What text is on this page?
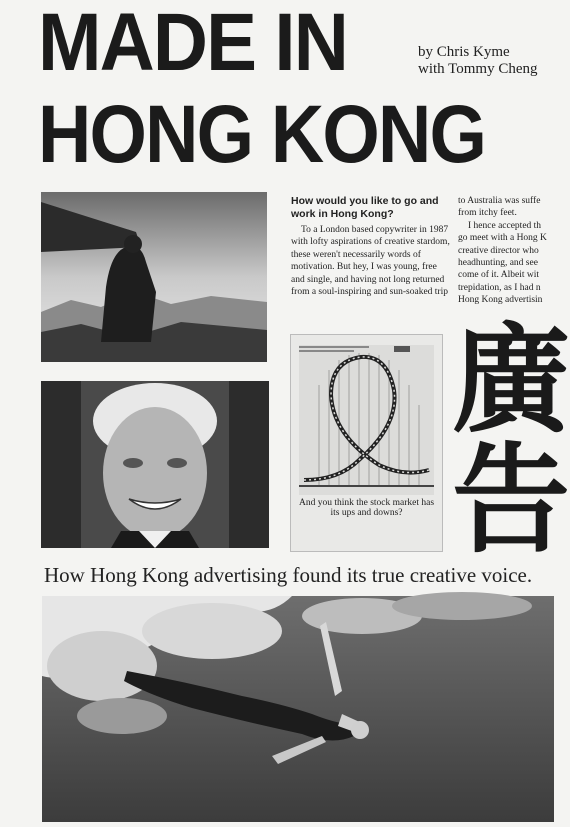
MADE IN
HONG KONG
by Chris Kyme
with Tommy Cheng
How would you like to go and work in Hong Kong?

To a London based copywriter in 1987 with lofty aspirations of creative stardom, these weren't necessarily words of motivation. But hey, I was young, free and single, and having not long returned from a soul-inspiring and sun-soaked trip

to Australia was suffe
from itchy feet.
I hence accepted th
go meet with a Hong K
creative director who
headhunting, and see
come of it. Albeit wit
trepidation, as I had n
Hong Kong advertisin
And you think the stock market has its ups and downs?
廣
告
How Hong Kong advertising found its true creative voice.
